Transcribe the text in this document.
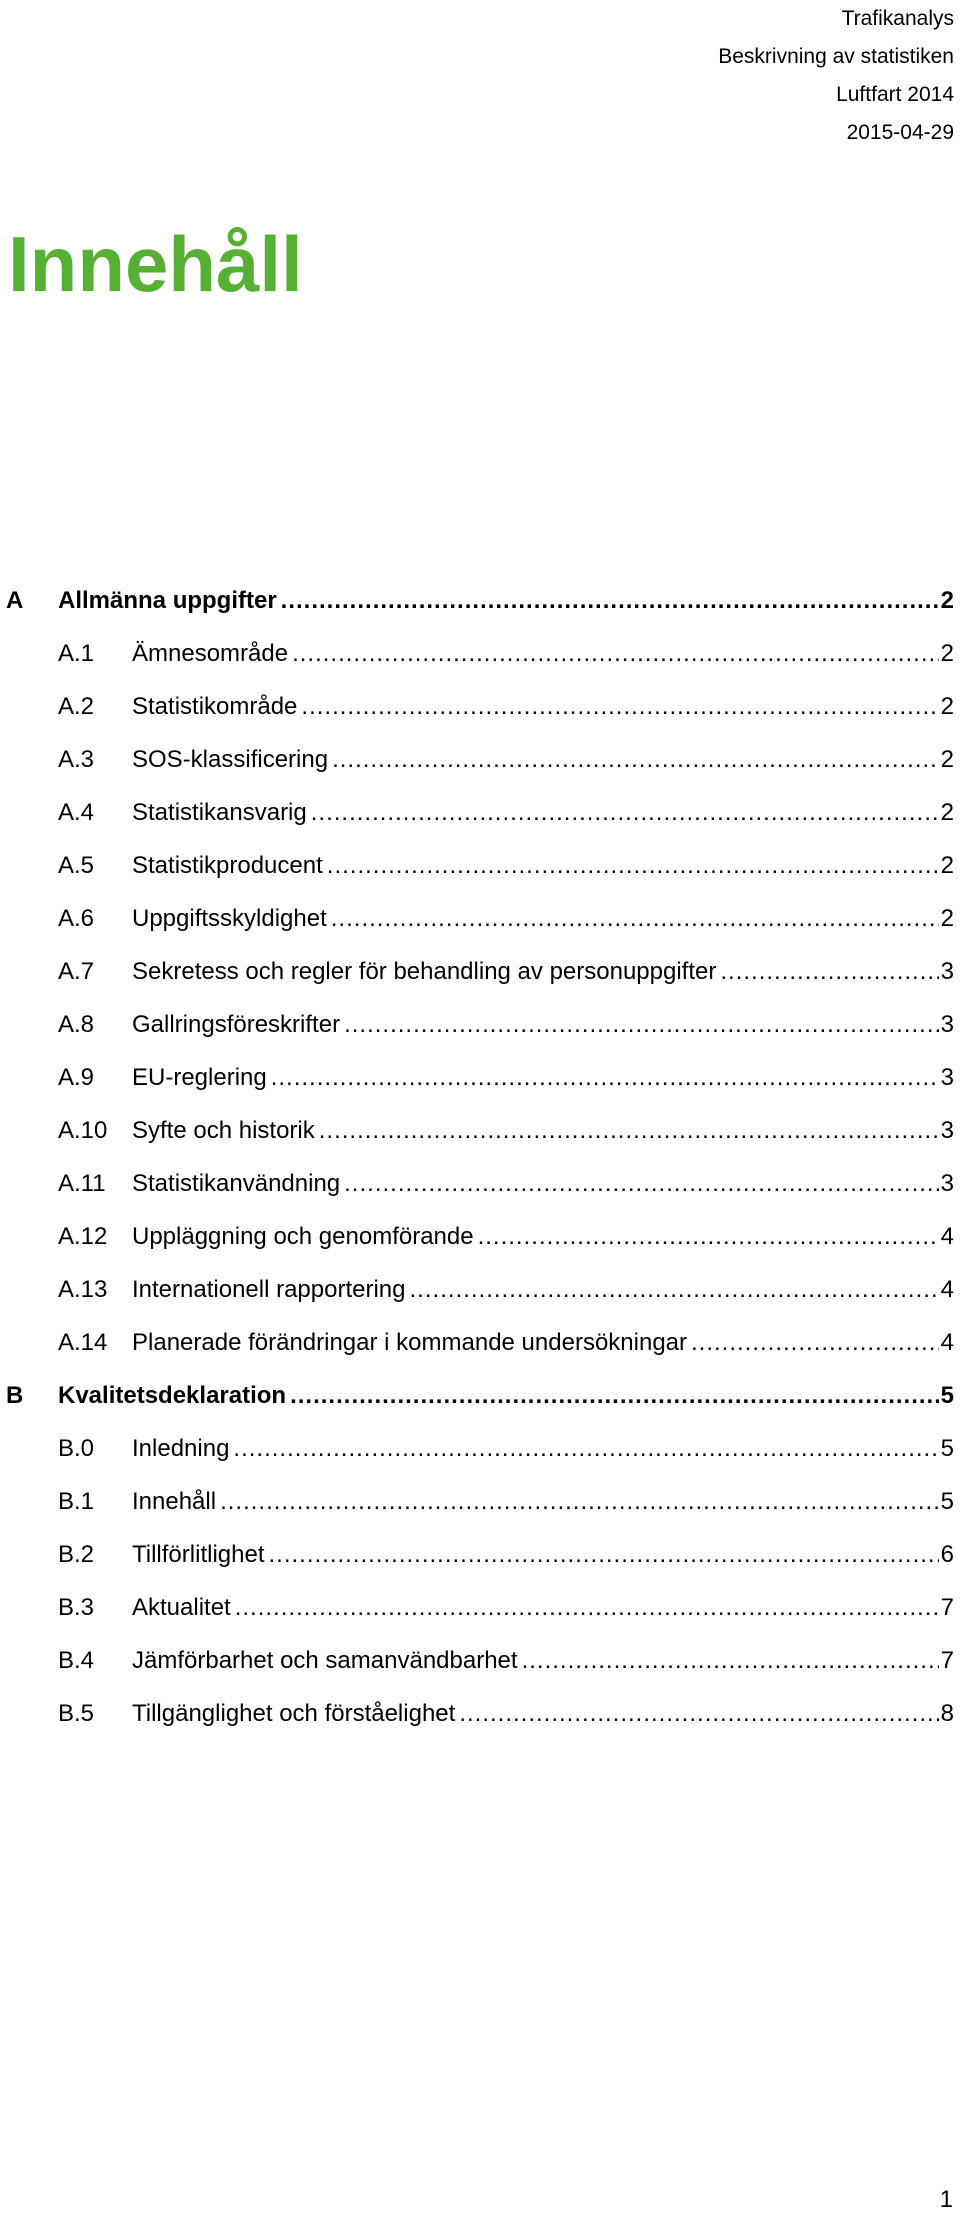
Trafikanalys
Beskrivning av statistiken
Luftfart 2014
2015-04-29
Innehåll
A Allmänna uppgifter .....	2
A.1 Ämnesområde .....	2
A.2 Statistikområde .....	2
A.3 SOS-klassificering .....	2
A.4 Statistikansvarig .....	2
A.5 Statistikproducent .....	2
A.6 Uppgiftsskyldighet .....	2
A.7 Sekretess och regler för behandling av personuppgifter .....	3
A.8 Gallringsföreskrifter .....	3
A.9 EU-reglering .....	3
A.10 Syfte och historik .....	3
A.11 Statistikanvändning .....	3
A.12 Uppläggning och genomförande .....	4
A.13 Internationell rapportering .....	4
A.14 Planerade förändringar i kommande undersökningar .....	4
B Kvalitetsdeklaration .....	5
B.0 Inledning .....	5
B.1 Innehåll .....	5
B.2 Tillförlitlighet .....	6
B.3 Aktualitet .....	7
B.4 Jämförbarhet och samanvändbarhet .....	7
B.5 Tillgänglighet och förståelighet .....	8
1
